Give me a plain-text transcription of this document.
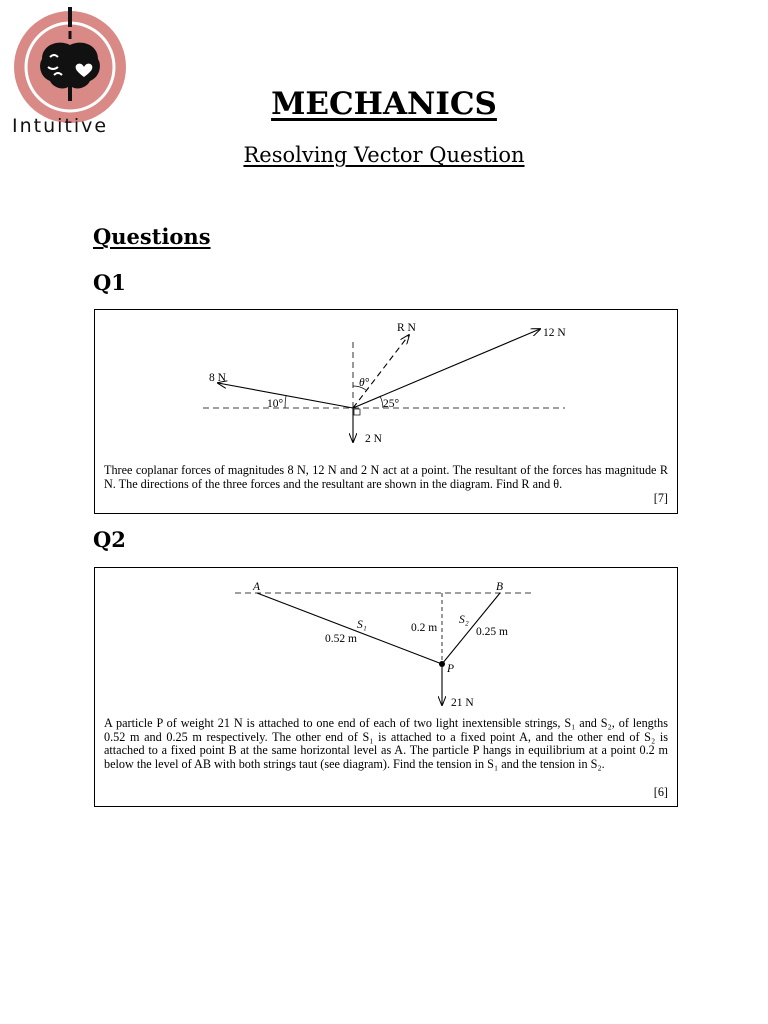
Intuitive
MECHANICS
Resolving Vector Question
Questions
Q1
R N	12 N
8 N
2 N
10°	25°
θ°
Three coplanar forces of magnitudes 8 N, 12 N and 2 N act at a point. The resultant of the forces has magnitude R N. The directions of the three forces and the resultant are shown in the diagram. Find R and θ.
[7]
Q2
A	B
P
S₁	S₂
0.52 m
0.25 m
0.2 m
21 N
A particle P of weight 21 N is attached to one end of each of two light inextensible strings, S₁ and S₂, of lengths 0.52 m and 0.25 m respectively. The other end of S₁ is attached to a fixed point A, and the other end of S₂ is attached to a fixed point B at the same horizontal level as A. The particle P hangs in equilibrium at a point 0.2 m below the level of AB with both strings taut (see diagram). Find the tension in S₁ and the tension in S₂.
[6]
